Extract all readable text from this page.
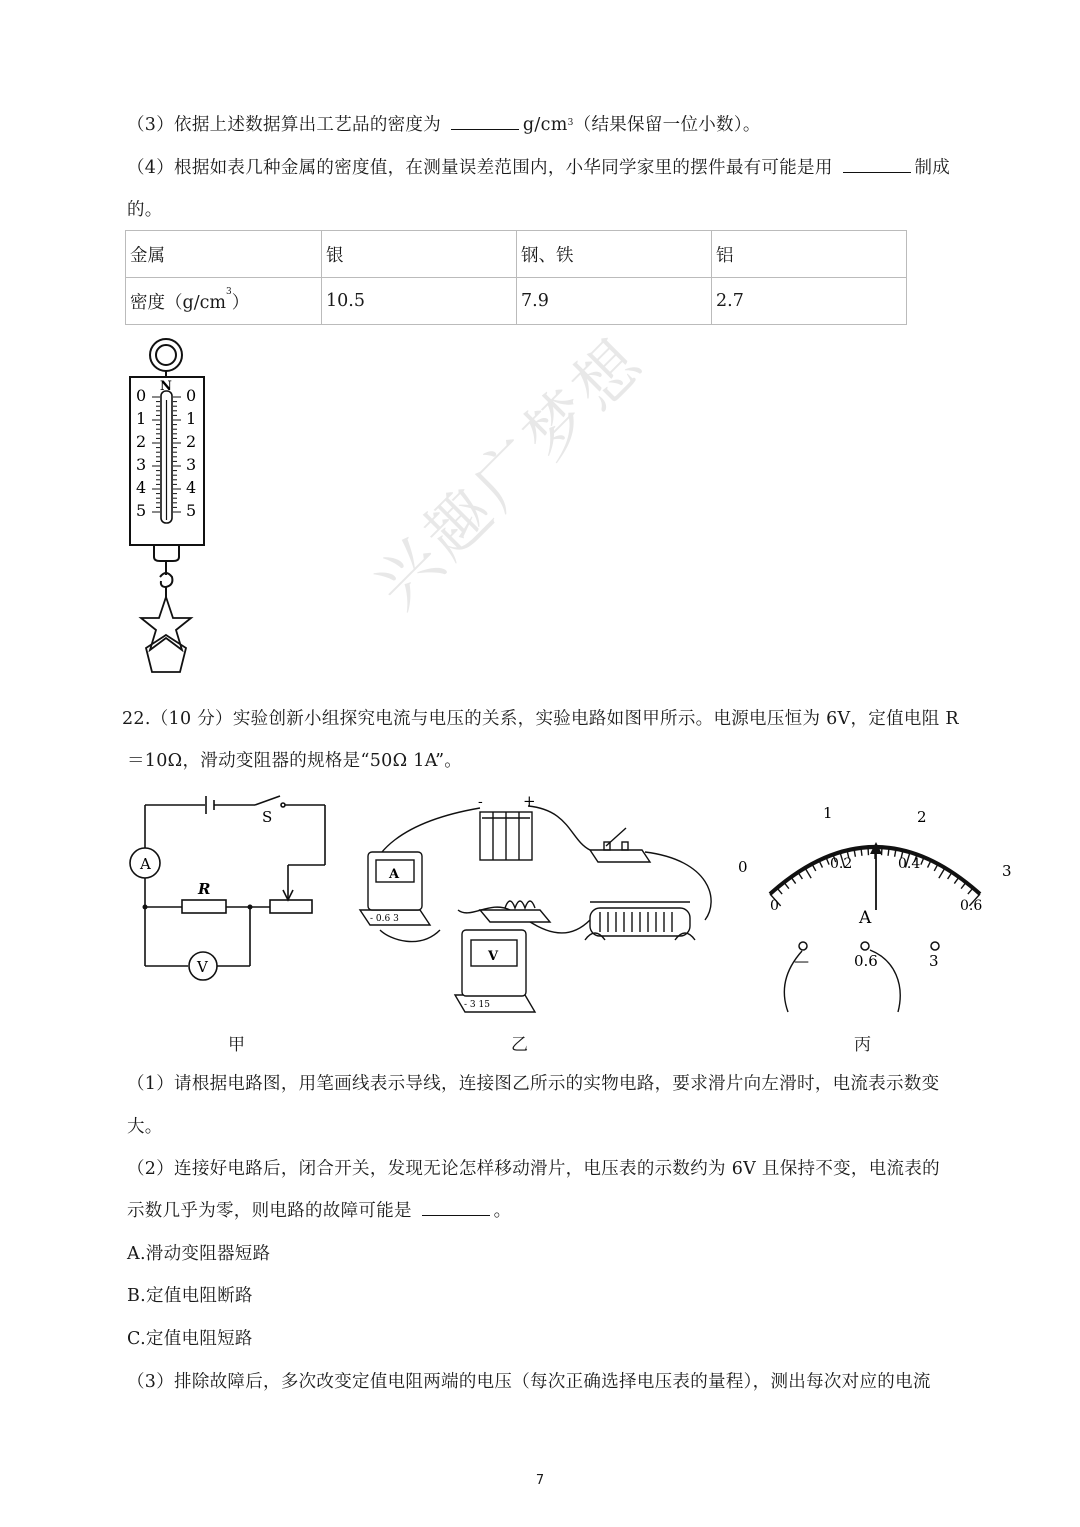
兴趣广梦想
（3）依据上述数据算出工艺品的密度为	$g/cm^3$（结果保留一位小数）。
（4）根据如表几种金属的密度值，在测量误差范围内，小华同学家里的摆件最有可能是用	制成
的。
金属	银	钢、铁	铝
密度$(g/cm^3)$	10.5	7.9	2.7
N
0
1
2
3
4
5
0
1
2
3
4
5
22.（10 分）实验创新小组探究电流与电压的关系，实验电路如图甲所示。电源电压恒为 6V，定值电阻 R
＝10Ω，滑动变阻器的规格是“50Ω 1A”。
S
A
R
V
-	+
A
- 0.6 3
V
- 3 15
0
1	2
3
0
0.2	0.4
0.6
A
—	0.6	3
甲	乙	丙
（1）请根据电路图，用笔画线表示导线，连接图乙所示的实物电路，要求滑片向左滑时，电流表示数变
大。
（2）连接好电路后，闭合开关，发现无论怎样移动滑片，电压表的示数约为 6V 且保持不变，电流表的
示数几乎为零，则电路的故障可能是	。
A.滑动变阻器短路
B.定值电阻断路
C.定值电阻短路
（3）排除故障后，多次改变定值电阻两端的电压（每次正确选择电压表的量程），测出每次对应的电流
7
